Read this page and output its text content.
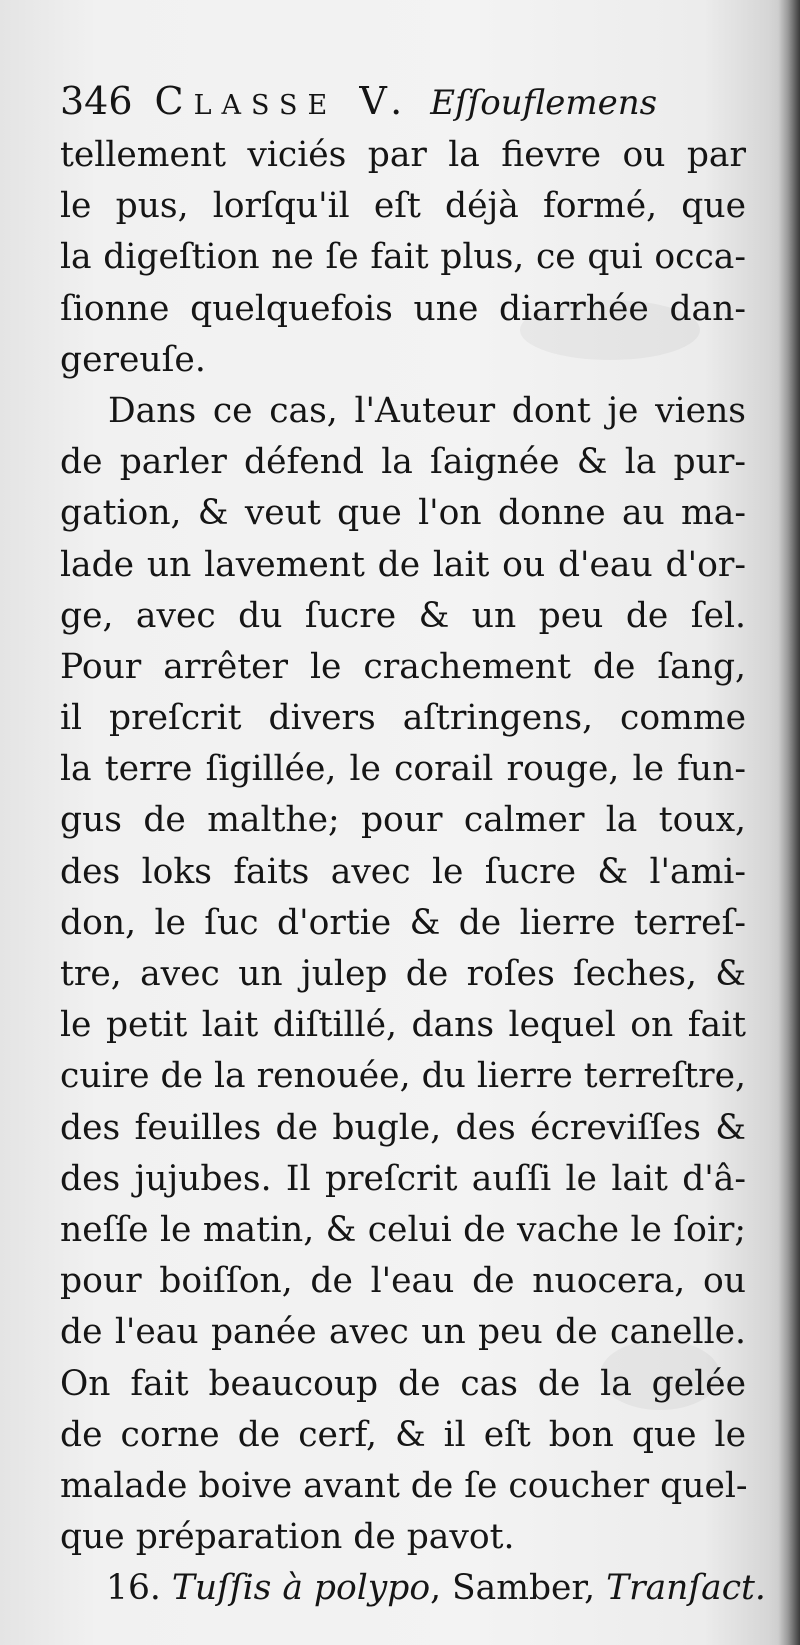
346 Classe V. Eſſouflemens
tellement viciés par la fievre ou par
le pus, lorſqu'il eſt déjà formé, que
la digeſtion ne ſe fait plus, ce qui occa-
ſionne quelquefois une diarrhée dan-
gereuſe.
Dans ce cas, l'Auteur dont je viens
de parler défend la ſaignée & la pur-
gation, & veut que l'on donne au ma-
lade un lavement de lait ou d'eau d'or-
ge, avec du ſucre & un peu de ſel.
Pour arrêter le crachement de ſang,
il preſcrit divers aſtringens, comme
la terre ſigillée, le corail rouge, le fun-
gus de malthe; pour calmer la toux,
des loks faits avec le ſucre & l'ami-
don, le ſuc d'ortie & de lierre terreſ-
tre, avec un julep de roſes ſeches, &
le petit lait diſtillé, dans lequel on fait
cuire de la renouée, du lierre terreſtre,
des feuilles de bugle, des écreviſſes &
des jujubes. Il preſcrit auſſi le lait d'â-
neſſe le matin, & celui de vache le ſoir;
pour boiſſon, de l'eau de nuocera, ou
de l'eau panée avec un peu de canelle.
On fait beaucoup de cas de la gelée
de corne de cerf, & il eſt bon que le
malade boive avant de ſe coucher quel-
que préparation de pavot.
16. Tuſſis à polypo, Samber, Tranſact.
